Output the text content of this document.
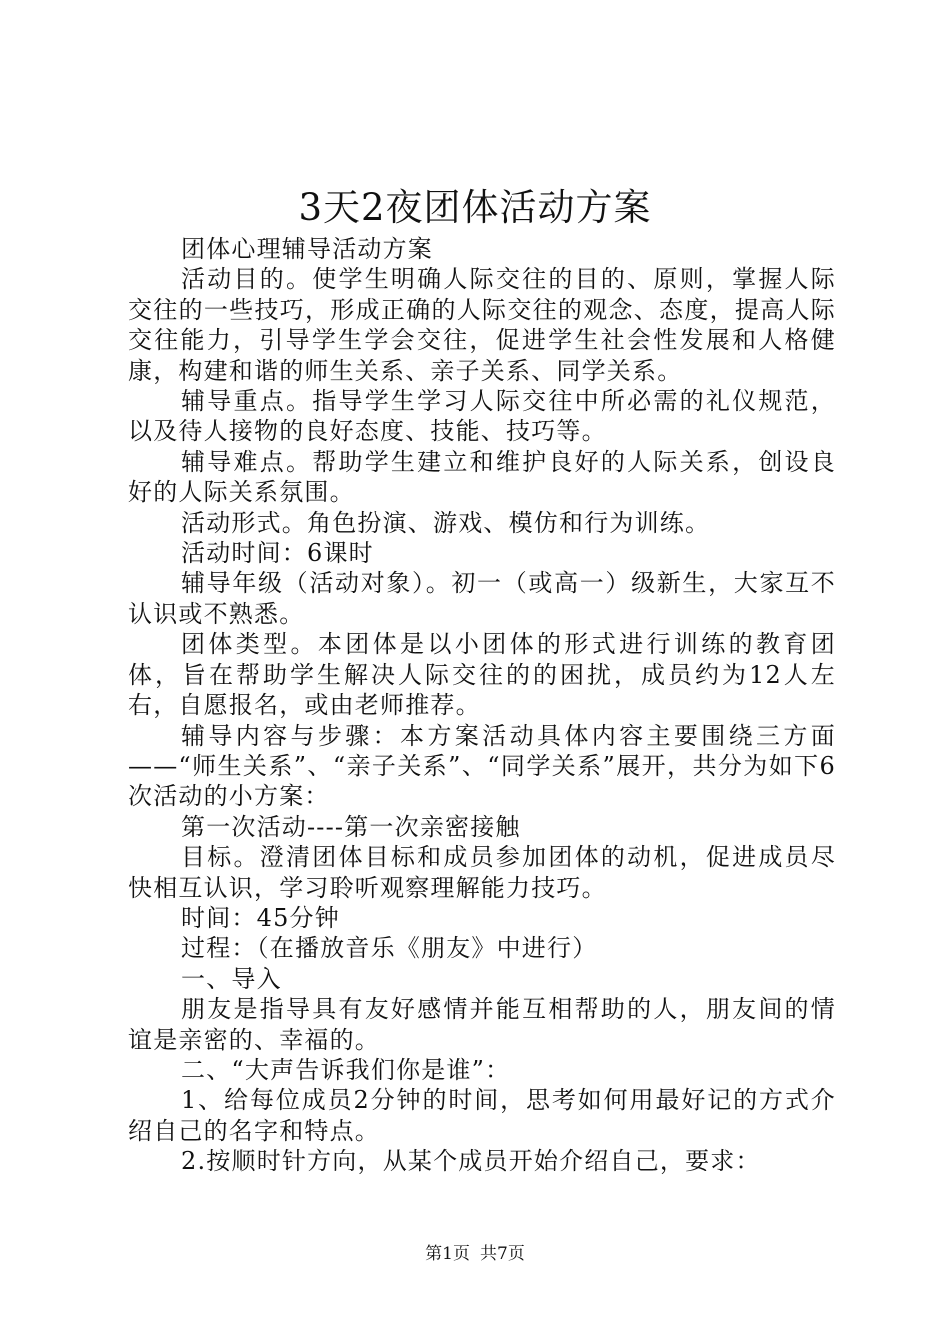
3天2夜团体活动方案

团体心理辅导活动方案

活动目的。使学生明确人际交往的目的、原则，掌握人际交往的一些技巧，形成正确的人际交往的观念、态度，提高人际交往能力，引导学生学会交往，促进学生社会性发展和人格健康，构建和谐的师生关系、亲子关系、同学关系。

辅导重点。指导学生学习人际交往中所必需的礼仪规范，以及待人接物的良好态度、技能、技巧等。

辅导难点。帮助学生建立和维护良好的人际关系，创设良好的人际关系氛围。

活动形式。角色扮演、游戏、模仿和行为训练。

活动时间：6课时

辅导年级（活动对象）。初一（或高一）级新生，大家互不认识或不熟悉。

团体类型。本团体是以小团体的形式进行训练的教育团体，旨在帮助学生解决人际交往的的困扰，成员约为12人左右，自愿报名，或由老师推荐。

辅导内容与步骤：本方案活动具体内容主要围绕三方面——“师生关系”、“亲子关系”、“同学关系”展开，共分为如下6次活动的小方案：

第一次活动----第一次亲密接触

目标。澄清团体目标和成员参加团体的动机，促进成员尽快相互认识，学习聆听观察理解能力技巧。

时间：45分钟

过程：（在播放音乐《朋友》中进行）

一、导入

朋友是指导具有友好感情并能互相帮助的人，朋友间的情谊是亲密的、幸福的。

二、“大声告诉我们你是谁”：

1、给每位成员2分钟的时间，思考如何用最好记的方式介绍自己的名字和特点。

2.按顺时针方向，从某个成员开始介绍自己，要求：

第1页 共7页
